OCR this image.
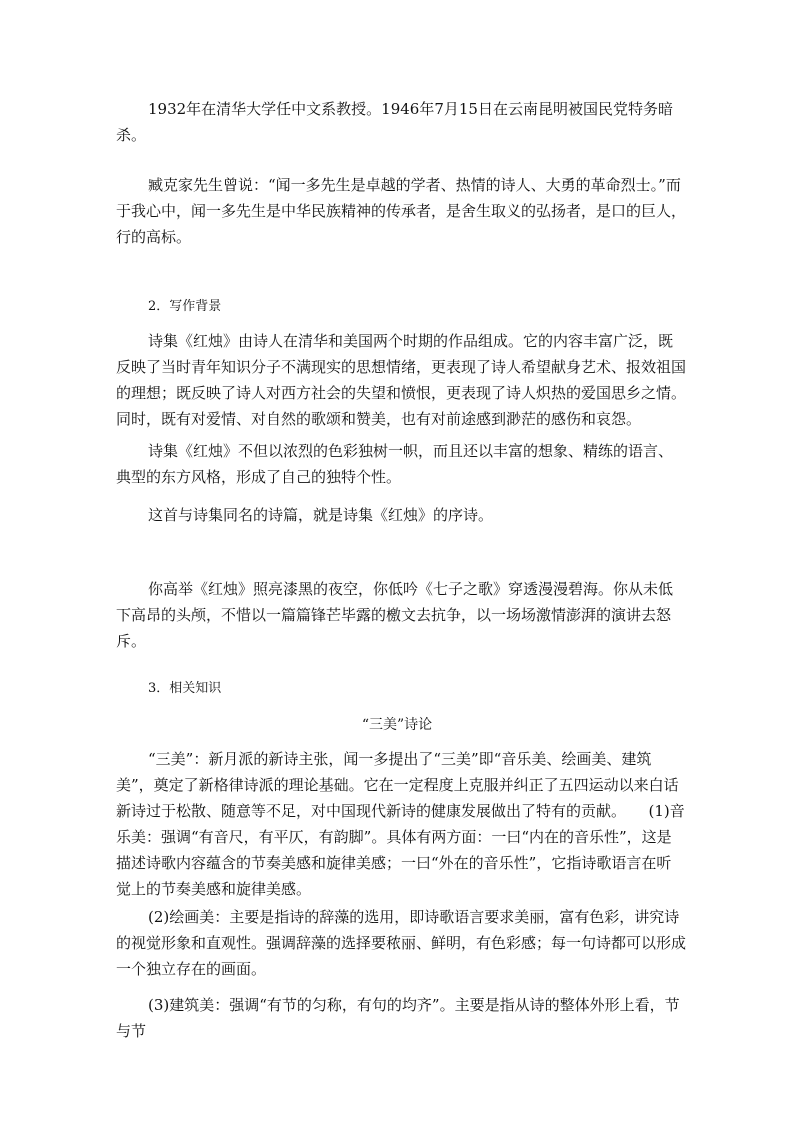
1932年在清华大学任中文系教授。1946年7月15日在云南昆明被国民党特务暗杀。

臧克家先生曾说：“闻一多先生是卓越的学者、热情的诗人、大勇的革命烈士。”而于我心中，闻一多先生是中华民族精神的传承者，是舍生取义的弘扬者，是口的巨人，行的高标。

2．写作背景

诗集《红烛》由诗人在清华和美国两个时期的作品组成。它的内容丰富广泛，既反映了当时青年知识分子不满现实的思想情绪，更表现了诗人希望献身艺术、报效祖国的理想；既反映了诗人对西方社会的失望和愤恨，更表现了诗人炽热的爱国思乡之情。同时，既有对爱情、对自然的歌颂和赞美，也有对前途感到渺茫的感伤和哀怨。

诗集《红烛》不但以浓烈的色彩独树一帜，而且还以丰富的想象、精练的语言、典型的东方风格，形成了自己的独特个性。

这首与诗集同名的诗篇，就是诗集《红烛》的序诗。

你高举《红烛》照亮漆黑的夜空，你低吟《七子之歌》穿透漫漫碧海。你从未低下高昂的头颅，不惜以一篇篇锋芒毕露的檄文去抗争，以一场场激情澎湃的演讲去怒斥。

3．相关知识

“三美”诗论

“三美”：新月派的新诗主张，闻一多提出了“三美”即“音乐美、绘画美、建筑美”，奠定了新格律诗派的理论基础。它在一定程度上克服并纠正了五四运动以来白话新诗过于松散、随意等不足，对中国现代新诗的健康发展做出了特有的贡献。　　(1)音乐美：强调“有音尺，有平仄，有韵脚”。具体有两方面：一曰“内在的音乐性”，这是描述诗歌内容蕴含的节奏美感和旋律美感；一曰“外在的音乐性”，它指诗歌语言在听觉上的节奏美感和旋律美感。

(2)绘画美：主要是指诗的辞藻的选用，即诗歌语言要求美丽，富有色彩，讲究诗的视觉形象和直观性。强调辞藻的选择要秾丽、鲜明，有色彩感；每一句诗都可以形成一个独立存在的画面。

(3)建筑美：强调“有节的匀称，有句的均齐”。主要是指从诗的整体外形上看，节与节
